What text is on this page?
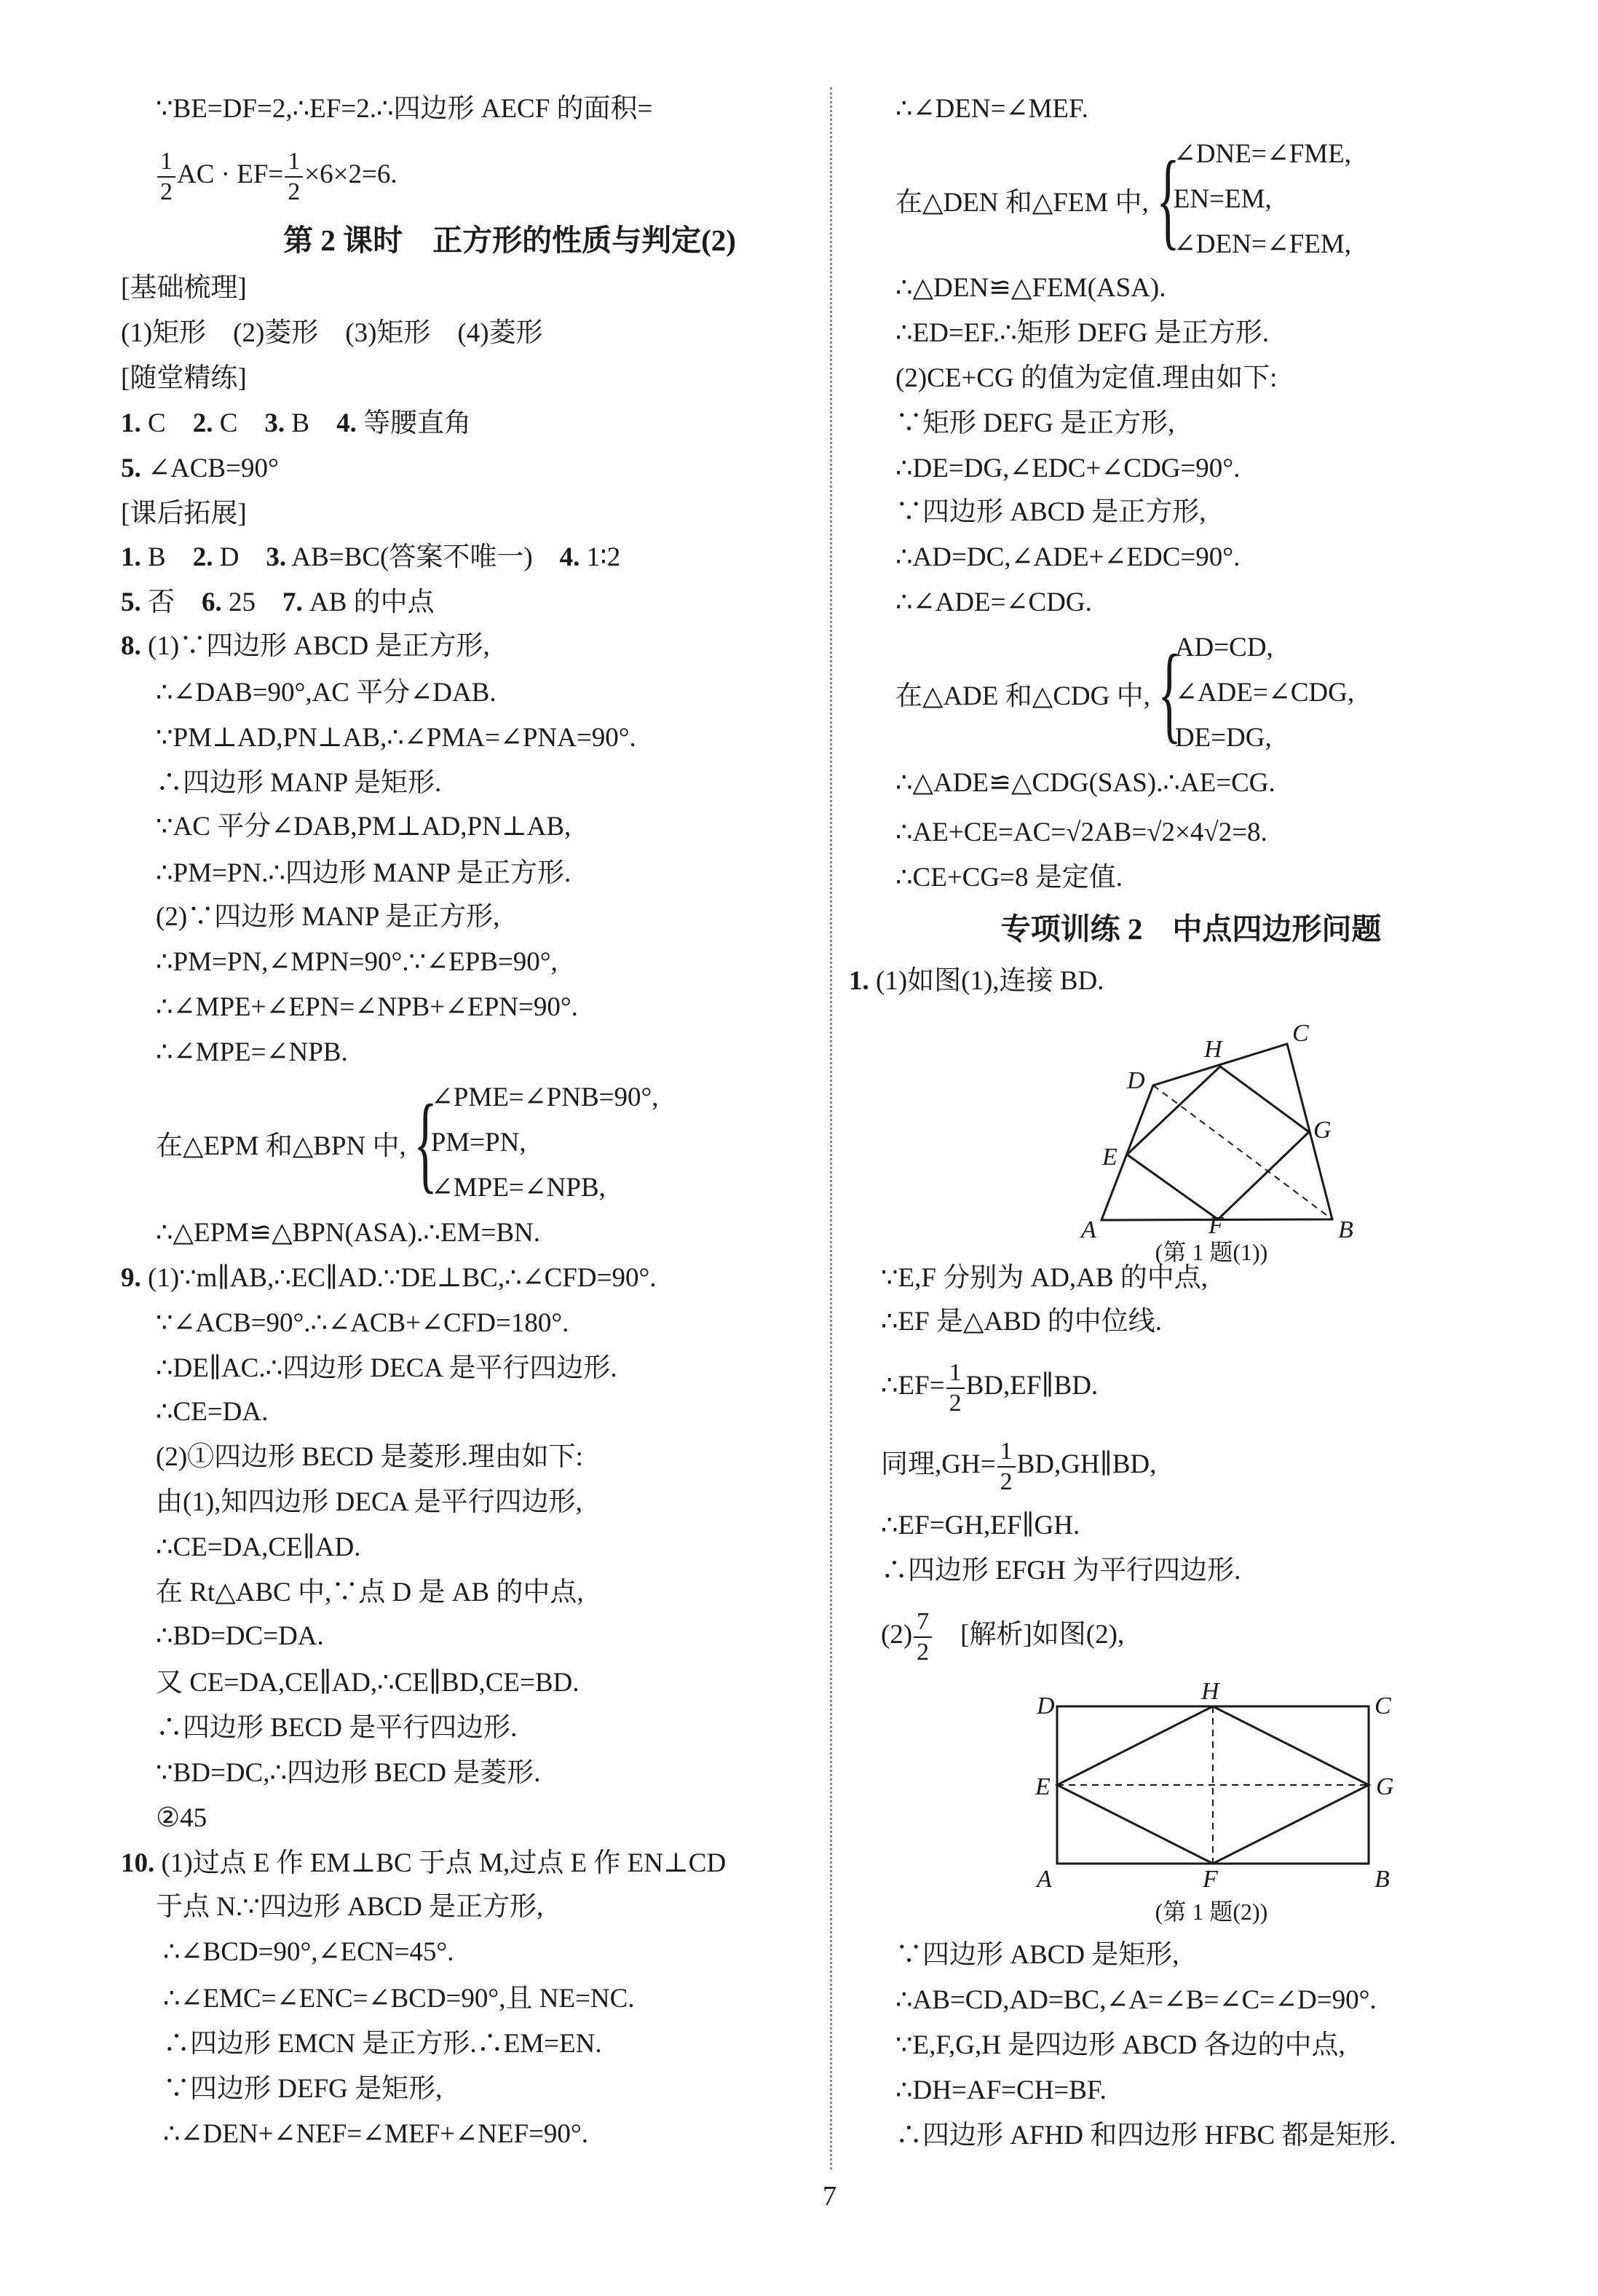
∵BE=DF=2,∴EF=2.∴四边形 AECF 的面积=
$\frac{1}{2}$ AC · $EF= \frac{1}{2} \times 6\times 2=6$.
第 2 课时　正方形的性质与判定(2)
[基础梳理]
(1)矩形　(2)菱形　(3)矩形　(4)菱形
[随堂精练]
1. C　2. C　3. B　4. 等腰直角
5. ∠ACB=90°
[课后拓展]
1. B　2. D　3. AB=BC(答案不唯一)　4. 1∶2
5. 否　6. 25　7. AB 的中点
8. (1)∵四边形 ABCD 是正方形,
∴∠DAB=90°,AC 平分∠DAB.
∵PM⊥AD,PN⊥AB,∴∠PMA=∠PNA=90°.
∴四边形 MANP 是矩形.
∵AC 平分∠DAB,PM⊥AD,PN⊥AB,
∴PM=PN.∴四边形 MANP 是正方形.
(2)∵四边形 MANP 是正方形,
∴PM=PN,∠MPN=90°.∵∠EPB=90°,
∴∠MPE+∠EPN=∠NPB+∠EPN=90°.
∴∠MPE=∠NPB.
在△EPM 和△BPN 中, {
∠PME=∠PNB=90°,
PM=PN,
∠MPE=∠NPB,
∴△EPM≌△BPN(ASA).∴EM=BN.
9. (1)∵m∥AB,∴EC∥AD.∵DE⊥BC,∴∠CFD=90°.
∵∠ACB=90°.∴∠ACB+∠CFD=180°.
∴DE∥AC.∴四边形 DECA 是平行四边形.
∴CE=DA.
(2)①四边形 BECD 是菱形.理由如下:
由(1),知四边形 DECA 是平行四边形,
∴CE=DA,CE∥AD.
在 Rt△ABC 中,∵点 D 是 AB 的中点,
∴BD=DC=DA.
又 CE=DA,CE∥AD,∴CE∥BD,CE=BD.
∴四边形 BECD 是平行四边形.
∵BD=DC,∴四边形 BECD 是菱形.
②45
10. (1)过点 E 作 EM⊥BC 于点 M,过点 E 作 EN⊥CD
于点 N.∵四边形 ABCD 是正方形,
∴∠BCD=90°,∠ECN=45°.
∴∠EMC=∠ENC=∠BCD=90°,且 NE=NC.
∴四边形 EMCN 是正方形.∴EM=EN.
∵四边形 DEFG 是矩形,
∴∠DEN+∠NEF=∠MEF+∠NEF=90°.
∴∠DEN=∠MEF.
在△DEN 和△FEM 中, {
∠DNE=∠FME,
EN=EM,
∠DEN=∠FEM,
∴△DEN≌△FEM(ASA).
∴ED=EF.∴矩形 DEFG 是正方形.
(2)CE+CG 的值为定值.理由如下:
∵矩形 DEFG 是正方形,
∴DE=DG,∠EDC+∠CDG=90°.
∵四边形 ABCD 是正方形,
∴AD=DC,∠ADE+∠EDC=90°.
∴∠ADE=∠CDG.
在△ADE 和△CDG 中, {
AD=CD,
∠ADE=∠CDG,
DE=DG,
∴△ADE≌△CDG(SAS).∴AE=CG.
∴AE+CE=AC=√2AB=√2×4√2=8.
∴CE+CG=8 是定值.
专项训练 2　中点四边形问题
1. (1)如图(1),连接 BD.
(第 1 题(1))
∵E,F 分别为 AD,AB 的中点,
∴EF 是△ABD 的中位线.
∴EF= $\frac{1}{2}$ BD,EF∥BD.
同理$,GH= \frac{1}{2}$ BD,GH∥BD,
∴EF=GH,EF∥GH.
∴四边形 EFGH 为平行四边形.
$(2) \frac{7}{2}$ 　[解析]如图(2),
(第 1 题(2))
∵四边形 ABCD 是矩形,
∴AB=CD,AD=BC,∠A=∠B=∠C=∠D=90°.
∵E,F,G,H 是四边形 ABCD 各边的中点,
∴DH=AF=CH=BF.
∴四边形 AFHD 和四边形 HFBC 都是矩形.
A	B
C
D
E
F
G
H
D	C
A	B
E	G
H
F
7
